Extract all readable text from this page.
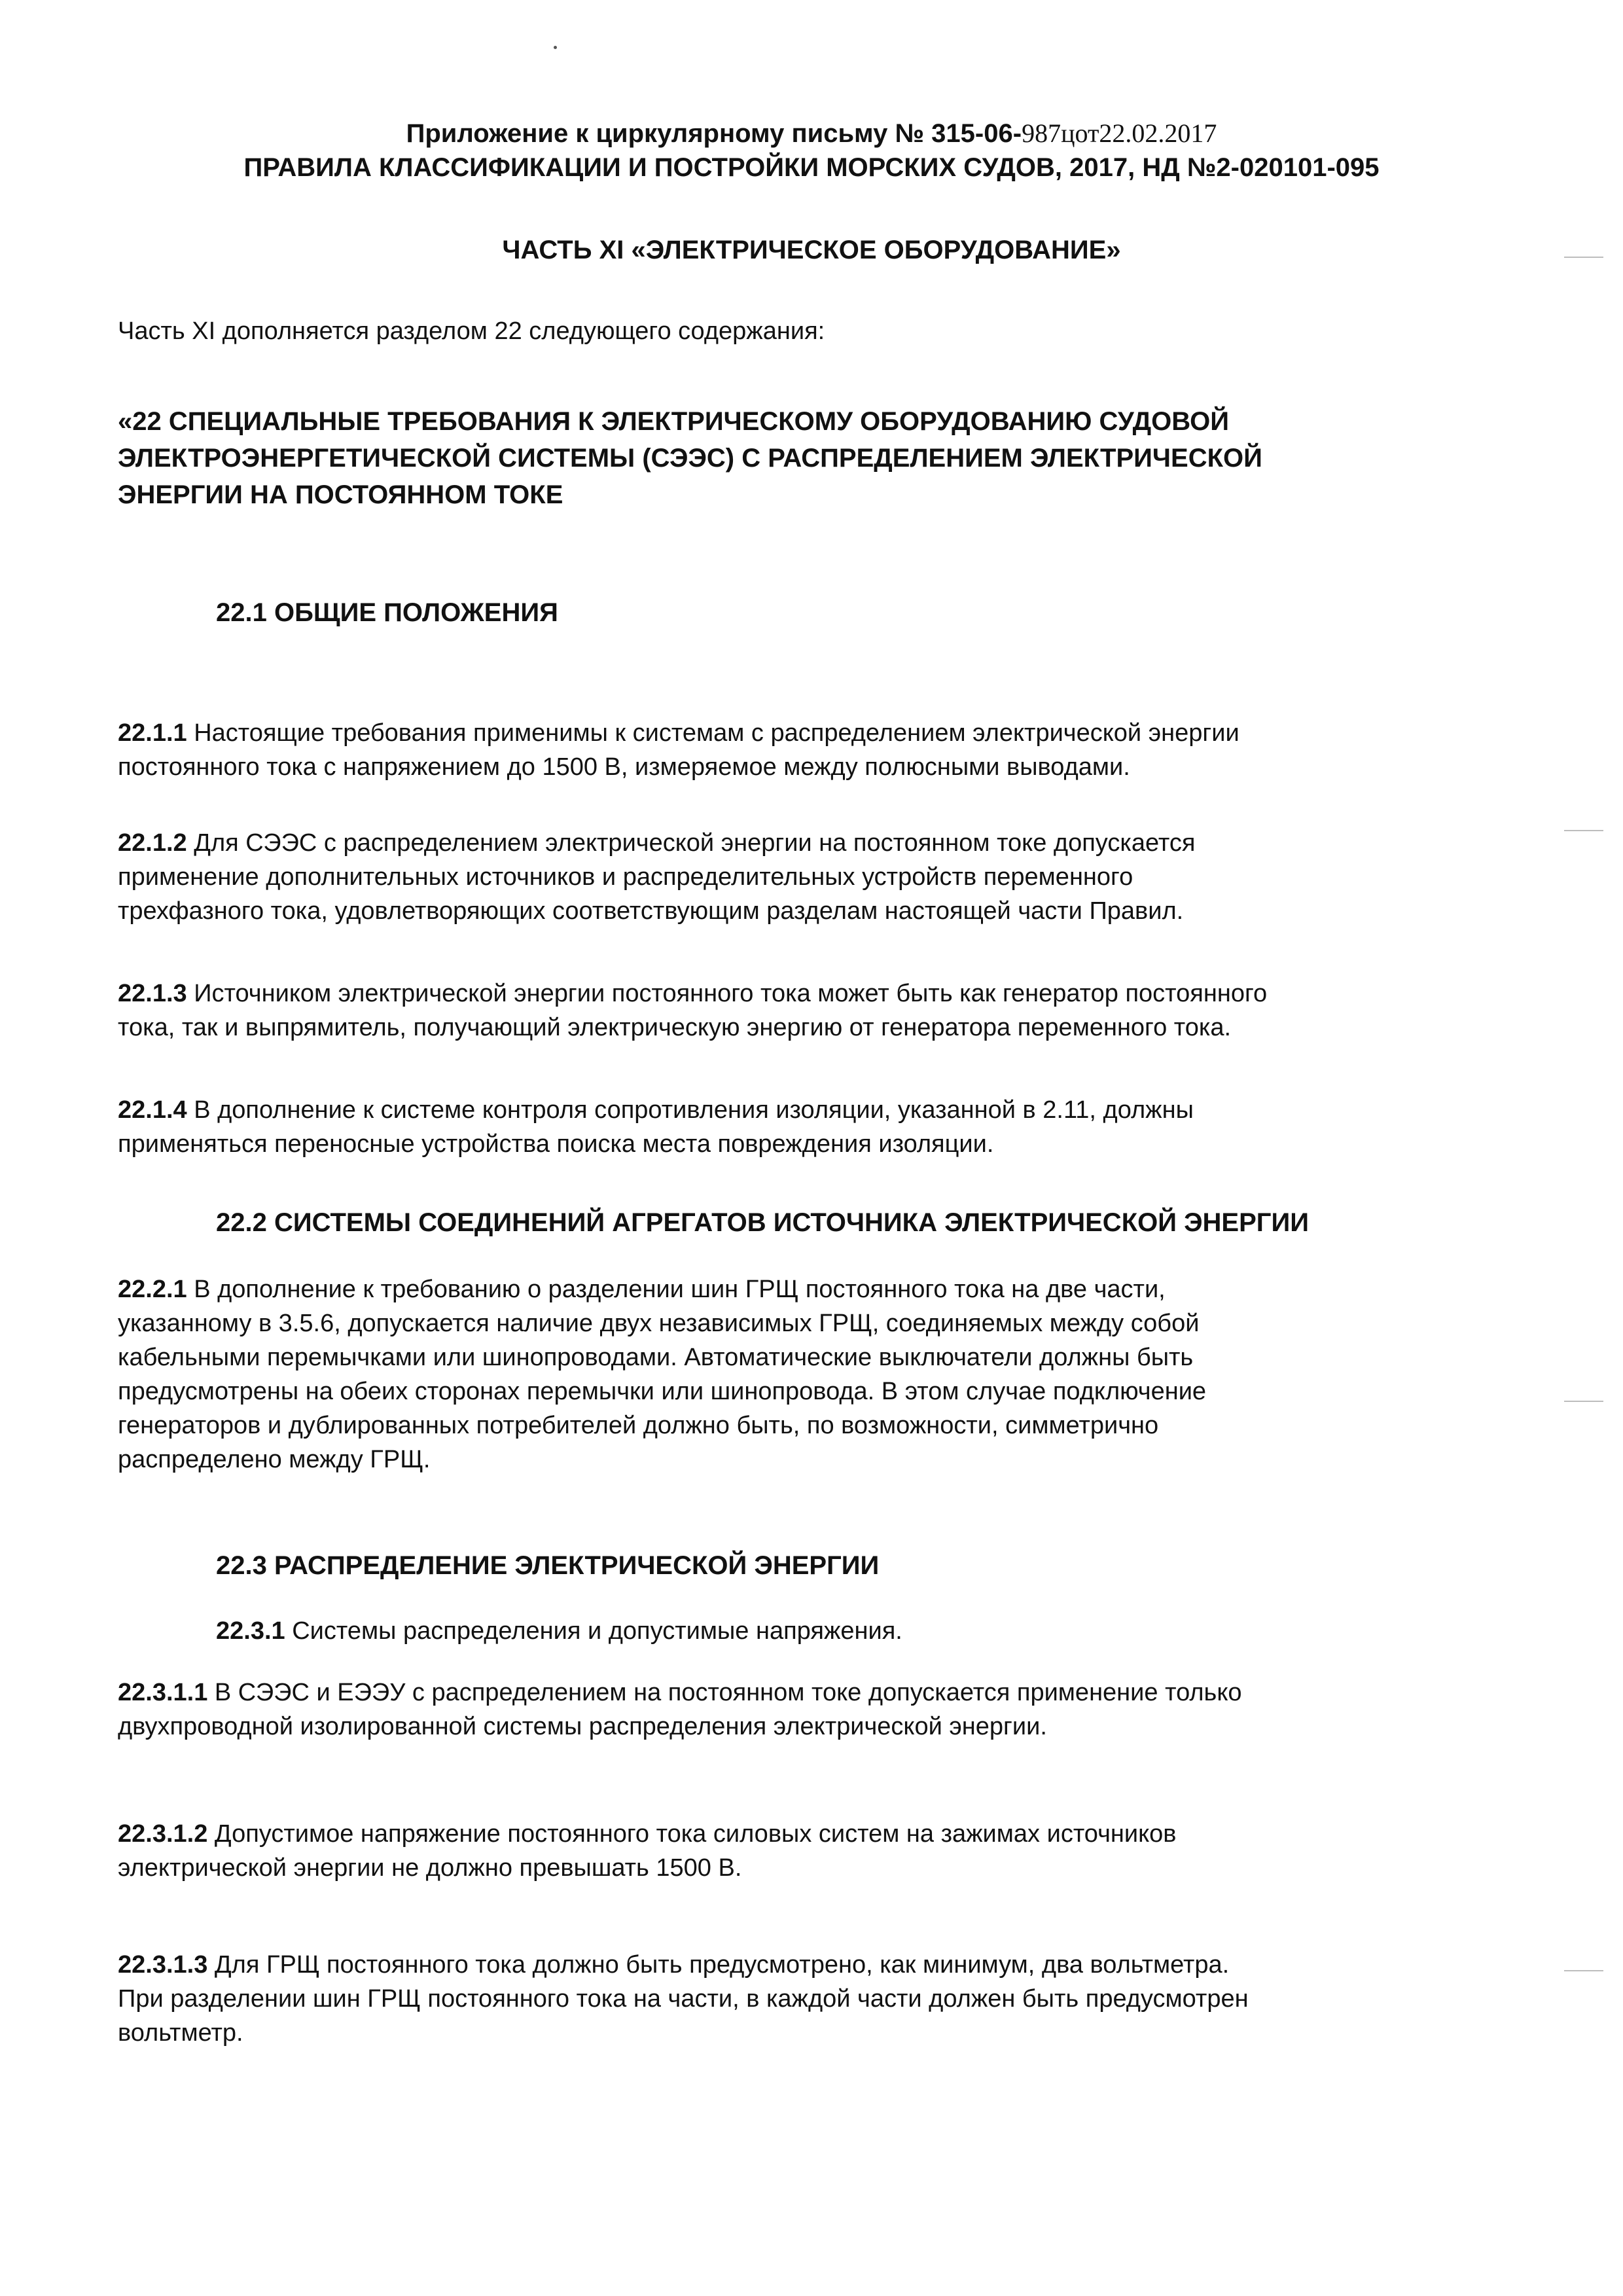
Приложение к циркулярному письму № 315-06-987цот22.02.2017
ПРАВИЛА КЛАССИФИКАЦИИ И ПОСТРОЙКИ МОРСКИХ СУДОВ, 2017, НД №2-020101-095
ЧАСТЬ XI «ЭЛЕКТРИЧЕСКОЕ ОБОРУДОВАНИЕ»
Часть XI дополняется разделом 22 следующего содержания:
«22 СПЕЦИАЛЬНЫЕ ТРЕБОВАНИЯ К ЭЛЕКТРИЧЕСКОМУ ОБОРУДОВАНИЮ СУДОВОЙ
ЭЛЕКТРОЭНЕРГЕТИЧЕСКОЙ СИСТЕМЫ (СЭЭС) С РАСПРЕДЕЛЕНИЕМ ЭЛЕКТРИЧЕСКОЙ
ЭНЕРГИИ НА ПОСТОЯННОМ ТОКЕ
22.1 ОБЩИЕ ПОЛОЖЕНИЯ
22.1.1 Настоящие требования применимы к системам с распределением электрической энергии
постоянного тока с напряжением до 1500 В, измеряемое между полюсными выводами.
22.1.2 Для СЭЭС с распределением электрической энергии на постоянном токе допускается
применение дополнительных источников и распределительных устройств переменного
трехфазного тока, удовлетворяющих соответствующим разделам настоящей части Правил.
22.1.3 Источником электрической энергии постоянного тока может быть как генератор постоянного
тока, так и выпрямитель, получающий электрическую энергию от генератора переменного тока.
22.1.4 В дополнение к системе контроля сопротивления изоляции, указанной в 2.11, должны
применяться переносные устройства поиска места повреждения изоляции.
22.2 СИСТЕМЫ СОЕДИНЕНИЙ АГРЕГАТОВ ИСТОЧНИКА ЭЛЕКТРИЧЕСКОЙ ЭНЕРГИИ
22.2.1 В дополнение к требованию о разделении шин ГРЩ постоянного тока на две части,
указанному в 3.5.6, допускается наличие двух независимых ГРЩ, соединяемых между собой
кабельными перемычками или шинопроводами. Автоматические выключатели должны быть
предусмотрены на обеих сторонах перемычки или шинопровода. В этом случае подключение
генераторов и дублированных потребителей должно быть, по возможности, симметрично
распределено между ГРЩ.
22.3 РАСПРЕДЕЛЕНИЕ ЭЛЕКТРИЧЕСКОЙ ЭНЕРГИИ
22.3.1 Системы распределения и допустимые напряжения.
22.3.1.1 В СЭЭС и ЕЭЭУ с распределением на постоянном токе допускается применение только
двухпроводной изолированной системы распределения электрической энергии.
22.3.1.2 Допустимое напряжение постоянного тока силовых систем на зажимах источников
электрической энергии не должно превышать 1500 В.
22.3.1.3 Для ГРЩ постоянного тока должно быть предусмотрено, как минимум, два вольтметра.
При разделении шин ГРЩ постоянного тока на части, в каждой части должен быть предусмотрен
вольтметр.
